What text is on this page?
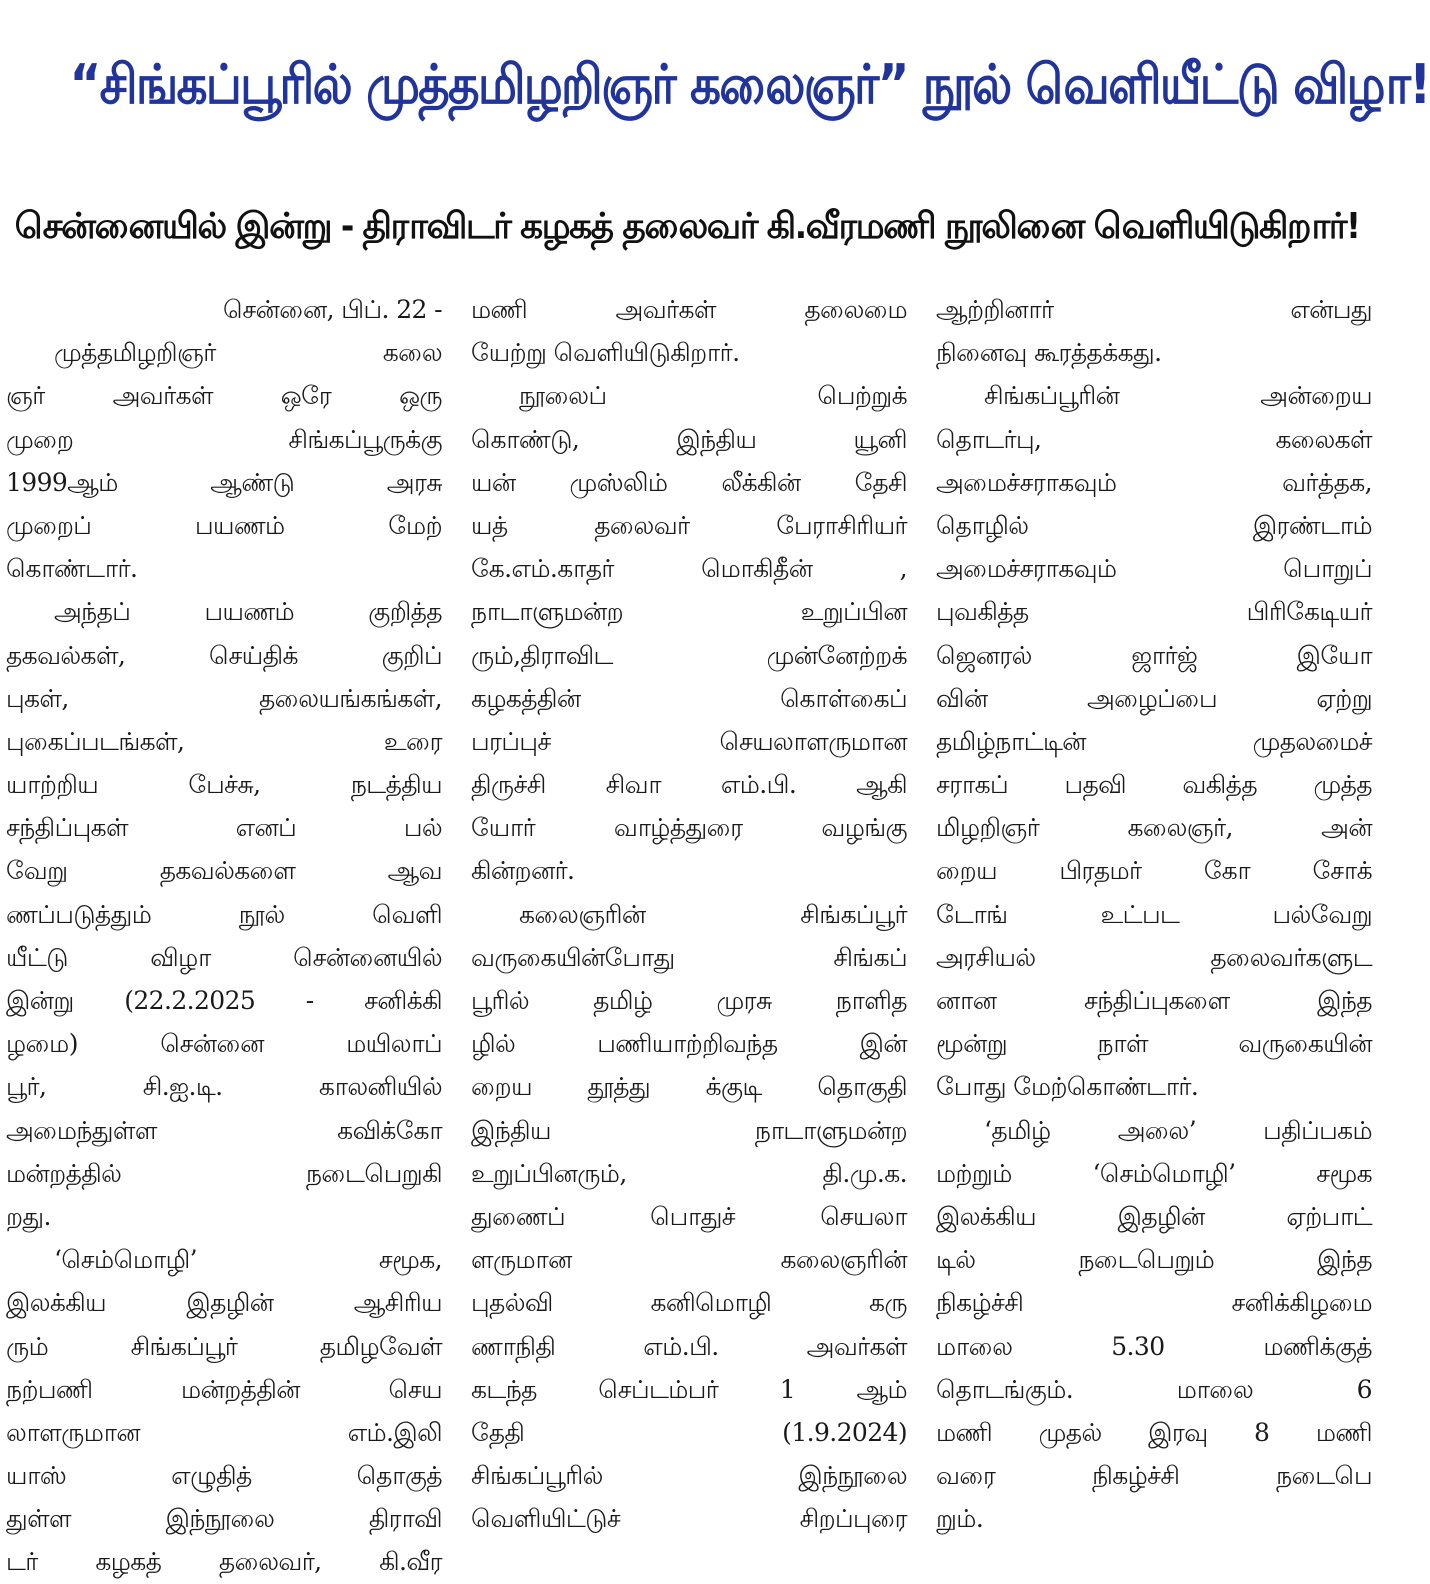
“சிங்கப்பூரில் முத்தமிழறிஞர் கலைஞர்” நூல் வெளியீட்டு விழா!
சென்னையில் இன்று - திராவிடர் கழகத் தலைவர் கி.வீரமணி நூலினை வெளியிடுகிறார்!
சென்னை, பிப். 22 -
முத்தமிழறிஞர் கலை
ஞர் அவர்கள் ஒரே ஒரு
முறை சிங்கப்பூருக்கு
1999ஆம் ஆண்டு அரசு
முறைப் பயணம் மேற்
கொண்டார்.
அந்தப் பயணம் குறித்த
தகவல்கள், செய்திக் குறிப்
புகள், தலையங்கங்கள்,
புகைப்படங்கள், உரை
யாற்றிய பேச்சு, நடத்திய
சந்திப்புகள் எனப் பல்
வேறு தகவல்களை ஆவ
ணப்படுத்தும் நூல் வெளி
யீட்டு விழா சென்னையில்
இன்று (22.2.2025 - சனிக்கி
ழமை) சென்னை மயிலாப்
பூர், சி.ஐ.டி. காலனியில்
அமைந்துள்ள கவிக்கோ
மன்றத்தில் நடைபெறுகி
றது.
‘செம்மொழி’ சமூக,
இலக்கிய இதழின் ஆசிரிய
ரும் சிங்கப்பூர் தமிழவேள்
நற்பணி மன்றத்தின் செய
லாளருமான எம்.இலி
யாஸ் எழுதித் தொகுத்
துள்ள இந்நூலை திராவி
டர் கழகத் தலைவர், கி.வீர
மணி அவர்கள் தலைமை
யேற்று வெளியிடுகிறார்.
நூலைப் பெற்றுக்
கொண்டு, இந்திய யூனி
யன் முஸ்லிம் லீக்கின் தேசி
யத் தலைவர் பேராசிரியர்
கே.எம்.காதர் மொகிதீன் ,
நாடாளுமன்ற உறுப்பின
ரும்,திராவிட முன்னேற்றக்
கழகத்தின் கொள்கைப்
பரப்புச் செயலாளருமான
திருச்சி சிவா எம்.பி. ஆகி
யோர் வாழ்த்துரை வழங்கு
கின்றனர்.
கலைஞரின் சிங்கப்பூர்
வருகையின்போது சிங்கப்
பூரில் தமிழ் முரசு நாளித
ழில் பணியாற்றிவந்த இன்
றைய தூத்து க்குடி தொகுதி
இந்திய நாடாளுமன்ற
உறுப்பினரும், தி.மு.க.
துணைப் பொதுச் செயலா
ளருமான கலைஞரின்
புதல்வி கனிமொழி கரு
ணாநிதி எம்.பி. அவர்கள்
கடந்த செப்டம்பர் 1 ஆம்
தேதி (1.9.2024)
சிங்கப்பூரில் இந்நூலை
வெளியிட்டுச் சிறப்புரை
ஆற்றினார் என்பது
நினைவு கூரத்தக்கது.
சிங்கப்பூரின் அன்றைய
தொடர்பு, கலைகள்
அமைச்சராகவும் வர்த்தக,
தொழில் இரண்டாம்
அமைச்சராகவும் பொறுப்
புவகித்த பிரிகேடியர்
ஜெனரல் ஜார்ஜ் இயோ
வின் அழைப்பை ஏற்று
தமிழ்நாட்டின் முதலமைச்
சராகப் பதவி வகித்த முத்த
மிழறிஞர் கலைஞர், அன்
றைய பிரதமர் கோ சோக்
டோங் உட்பட பல்வேறு
அரசியல் தலைவர்களுட
னான சந்திப்புகளை இந்த
மூன்று நாள் வருகையின்
போது மேற்கொண்டார்.
‘தமிழ் அலை’ பதிப்பகம்
மற்றும் ‘செம்மொழி’ சமூக
இலக்கிய இதழின் ஏற்பாட்
டில் நடைபெறும் இந்த
நிகழ்ச்சி சனிக்கிழமை
மாலை 5.30 மணிக்குத்
தொடங்கும். மாலை 6
மணி முதல் இரவு 8 மணி
வரை நிகழ்ச்சி நடைபெ
றும்.
